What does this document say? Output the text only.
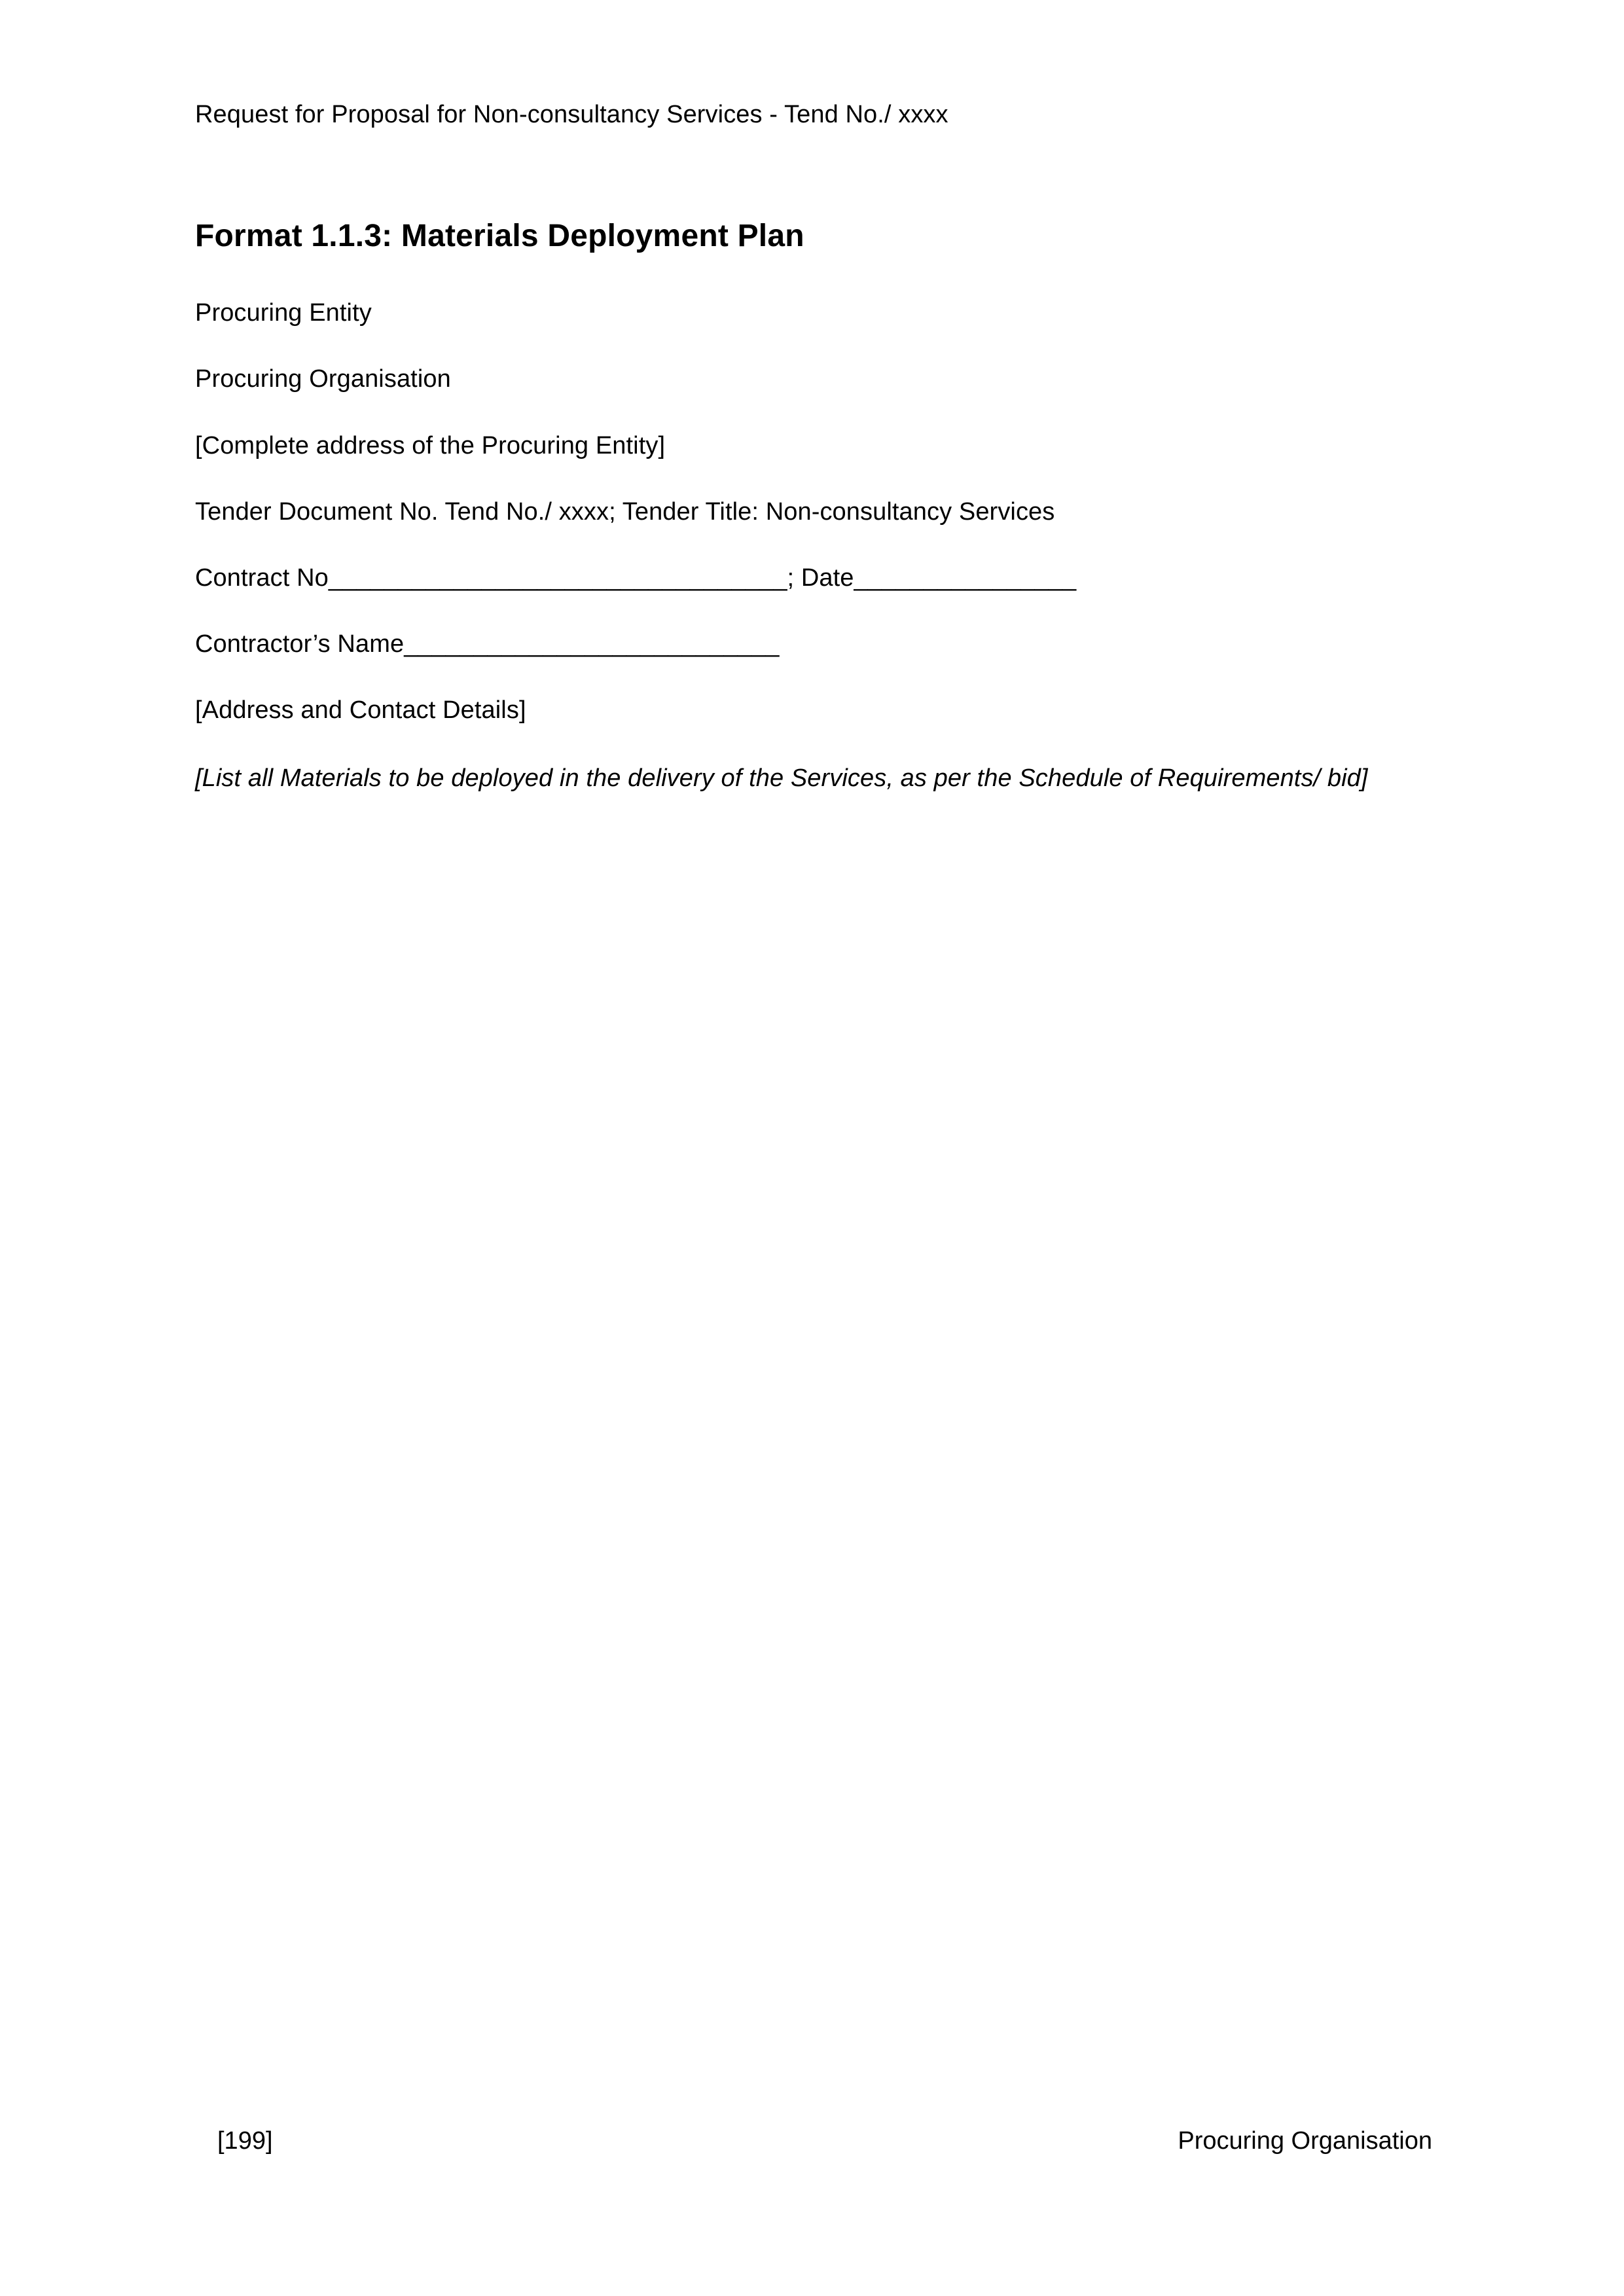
Request for Proposal for Non-consultancy Services - Tend No./ xxxx
Format 1.1.3: Materials Deployment Plan
Procuring Entity
Procuring Organisation
[Complete address of the Procuring Entity]
Tender Document No. Tend No./ xxxx; Tender Title: Non-consultancy Services
Contract No_________________________________; Date________________
Contractor’s Name___________________________
[Address and Contact Details]
[List all Materials to be deployed in the delivery of the Services, as per the Schedule of Requirements/ bid]
[199]	Procuring Organisation
